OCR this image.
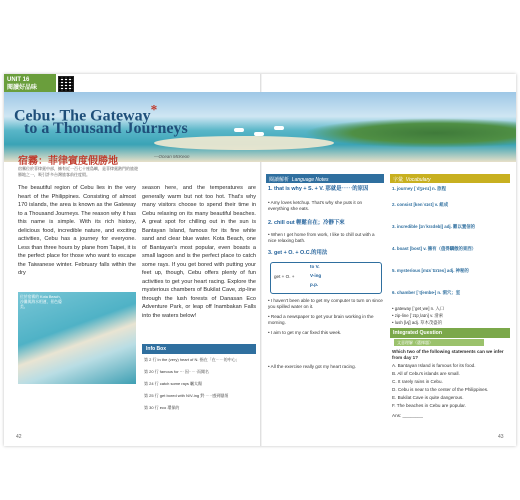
UNIT 16
閱讀好品味
Cebu: The Gateway*
to a Thousand Journeys
宿霧：菲律賓度假勝地	—Ocean McKeon
宿霧位於菲律賓中部，擁有近一百七十座島嶼，是菲律賓熱門的旅遊勝地之一，吸引許多台灣旅客前往度假。
The beautiful region of Cebu lies in the very heart of the Philippines. Consisting of almost 170 islands, the area is known as the Gateway to a Thousand Journeys. The reason why it has this name is simple. With its rich history, delicious food, incredible nature, and exciting activities, Cebu has a journey for everyone. Less than three hours by plane from Taipei, it is the perfect place for those who want to escape the Taiwanese winter. February falls within the dry
season here, and the temperatures are generally warm but not too hot. That's why many visitors choose to spend their time in Cebu relaxing on its many beautiful beaches. A great spot for chilling out in the sun is Bantayan Island, famous for its fine white sand and clear blue water. Kota Beach, one of Bantayan's most popular, even boasts a small lagoon and is the perfect place to catch some rays. If you get bored with putting your feet up, though, Cebu offers plenty of fun activities to get your heart racing. Explore the mysterious chambers of Bukilat Cave, zip-line through the lush forests of Danasan Eco Adventure Park, or leap off Inambakan Falls into the waters below!
位於宿霧的 Kota Beach，沙灘與海水相連，景色優美。
Info Box
第 2 行 in the (very) heart of N. 指在「在⋯⋯的中心」
第 20 行 famous for ⋯ 因⋯⋯而聞名
第 24 行 catch some rays 曬太陽
第 25 行 get bored with N/V-ing 對⋯⋯感到厭煩
第 30 行 eco 環保的
42	43
閱讀解析 Language Notes
1. that is why + S. + V. 那就是⋯⋯的原因
• Amy loves ketchup. That's why she puts it on everything she eats.
2. chill out 輕鬆自在；冷靜下來
• When I get home from work, I like to chill out with a nice relaxing bath.
3. get + O. + O.C.的用法
get + O. +
to V.
V-ing
p.p.
• I haven't been able to get my computer to turn on since you spilled water on it.
• Read a newspaper to get your brain working in the morning.
• I aim to get my car fixed this week.
• All the exercise really got my heart racing.
字彙 Vocabulary
1. journey [ˋdʒɝnɪ] n. 旅程
2. consist [kənˋsɪst] v. 組成
3. incredible [ɪnˋkrɛdəbḷ] adj. 難以置信的
4. boast [bost] v. 擁有（值得驕傲的東西）
5. mysterious [mɪsˋtɪrɪəs] adj. 神秘的
6. chamber [ˋtʃembɚ] n. 洞穴；室
• gateway [ˋgetˏwe] n. 入口
• zip-line [ˋzɪpˏlaɪn] v. 滑索
• lush [lʌʃ] adj. 草木茂盛的
Integrated Question
文意理解（選擇題）
Which two of the following statements can we infer from day 1?
A. Bantayan Island is famous for its food.
B. All of Cebu's islands are small.
C. It rarely rains in Cebu.
D. Cebu is near to the center of the Philippines.
E. Bukilat Cave is quite dangerous.
F. The beaches in Cebu are popular.
Ans: ________
